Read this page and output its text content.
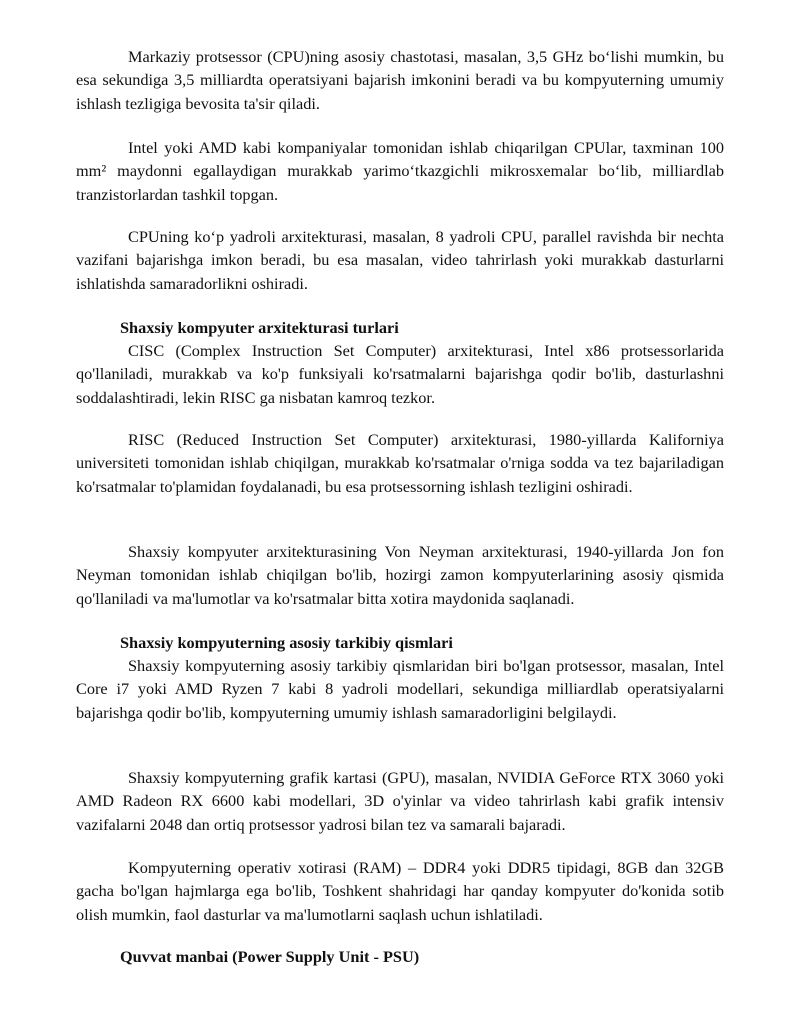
Markaziy protsessor (CPU)ning asosiy chastotasi, masalan, 3,5 GHz bo‘lishi mumkin, bu esa sekundiga 3,5 milliardta operatsiyani bajarish imkonini beradi va bu kompyuterning umumiy ishlash tezligiga bevosita ta'sir qiladi.

Intel yoki AMD kabi kompaniyalar tomonidan ishlab chiqarilgan CPUlar, taxminan 100 mm² maydonni egallaydigan murakkab yarimo‘tkazgichli mikrosxemalar bo‘lib, milliardlab tranzistorlardan tashkil topgan.

CPUning ko‘p yadroli arxitekturasi, masalan, 8 yadroli CPU, parallel ravishda bir nechta vazifani bajarishga imkon beradi, bu esa masalan, video tahrirlash yoki murakkab dasturlarni ishlatishda samaradorlikni oshiradi.

Shaxsiy kompyuter arxitekturasi turlari

CISC (Complex Instruction Set Computer) arxitekturasi, Intel x86 protsessorlarida qo'llaniladi, murakkab va ko'p funksiyali ko'rsatmalarni bajarishga qodir bo'lib, dasturlashni soddalashtiradi, lekin RISC ga nisbatan kamroq tezkor.

RISC (Reduced Instruction Set Computer) arxitekturasi, 1980-yillarda Kaliforniya universiteti tomonidan ishlab chiqilgan, murakkab ko'rsatmalar o'rniga sodda va tez bajariladigan ko'rsatmalar to'plamidan foydalanadi, bu esa protsessorning ishlash tezligini oshiradi.

Shaxsiy kompyuter arxitekturasining Von Neyman arxitekturasi, 1940-yillarda Jon fon Neyman tomonidan ishlab chiqilgan bo'lib, hozirgi zamon kompyuterlarining asosiy qismida qo'llaniladi va ma'lumotlar va ko'rsatmalar bitta xotira maydonida saqlanadi.

Shaxsiy kompyuterning asosiy tarkibiy qismlari

Shaxsiy kompyuterning asosiy tarkibiy qismlaridan biri bo'lgan protsessor, masalan, Intel Core i7 yoki AMD Ryzen 7 kabi 8 yadroli modellari, sekundiga milliardlab operatsiyalarni bajarishga qodir bo'lib, kompyuterning umumiy ishlash samaradorligini belgilaydi.

Shaxsiy kompyuterning grafik kartasi (GPU), masalan, NVIDIA GeForce RTX 3060 yoki AMD Radeon RX 6600 kabi modellari, 3D o'yinlar va video tahrirlash kabi grafik intensiv vazifalarni 2048 dan ortiq protsessor yadrosi bilan tez va samarali bajaradi.

Kompyuterning operativ xotirasi (RAM) – DDR4 yoki DDR5 tipidagi, 8GB dan 32GB gacha bo'lgan hajmlarga ega bo'lib, Toshkent shahridagi har qanday kompyuter do'konida sotib olish mumkin, faol dasturlar va ma'lumotlarni saqlash uchun ishlatiladi.

Quvvat manbai (Power Supply Unit - PSU)
